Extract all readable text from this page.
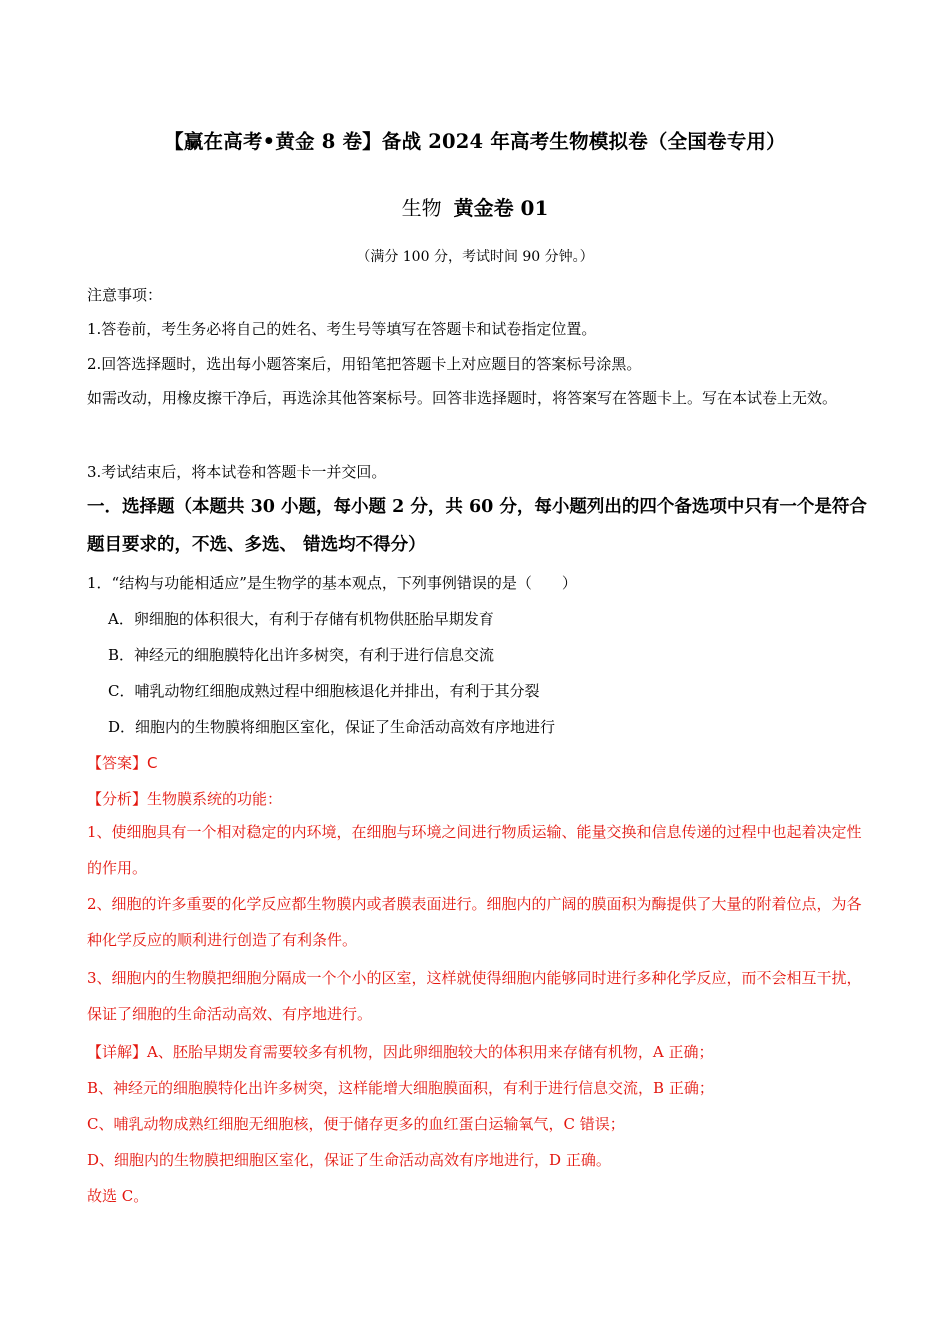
【赢在高考•黄金 8 卷】备战 2024 年高考生物模拟卷（全国卷专用）
生物 黄金卷 01
（满分 100 分，考试时间 90 分钟。）
注意事项：
1.答卷前，考生务必将自己的姓名、考生号等填写在答题卡和试卷指定位置。
2.回答选择题时，选出每小题答案后，用铅笔把答题卡上对应题目的答案标号涂黑。
如需改动，用橡皮擦干净后，再选涂其他答案标号。回答非选择题时，将答案写在答题卡上。写在本试卷上无效。
3.考试结束后，将本试卷和答题卡一并交回。
一．选择题（本题共 30 小题，每小题 2 分，共 60 分，每小题列出的四个备选项中只有一个是符合题目要求的，不选、多选、 错选均不得分）
1．“结构与功能相适应”是生物学的基本观点，下列事例错误的是（　　）
A．卵细胞的体积很大，有利于存储有机物供胚胎早期发育
B．神经元的细胞膜特化出许多树突，有利于进行信息交流
C．哺乳动物红细胞成熟过程中细胞核退化并排出，有利于其分裂
D．细胞内的生物膜将细胞区室化，保证了生命活动高效有序地进行
【答案】C
【分析】生物膜系统的功能：
1、使细胞具有一个相对稳定的内环境，在细胞与环境之间进行物质运输、能量交换和信息传递的过程中也起着决定性的作用。
2、细胞的许多重要的化学反应都生物膜内或者膜表面进行。细胞内的广阔的膜面积为酶提供了大量的附着位点，为各种化学反应的顺利进行创造了有利条件。
3、细胞内的生物膜把细胞分隔成一个个小的区室，这样就使得细胞内能够同时进行多种化学反应，而不会相互干扰，保证了细胞的生命活动高效、有序地进行。
【详解】A、胚胎早期发育需要较多有机物，因此卵细胞较大的体积用来存储有机物，A 正确；
B、神经元的细胞膜特化出许多树突，这样能增大细胞膜面积，有利于进行信息交流，B 正确；
C、哺乳动物成熟红细胞无细胞核，便于储存更多的血红蛋白运输氧气，C 错误；
D、细胞内的生物膜把细胞区室化，保证了生命活动高效有序地进行，D 正确。
故选 C。
